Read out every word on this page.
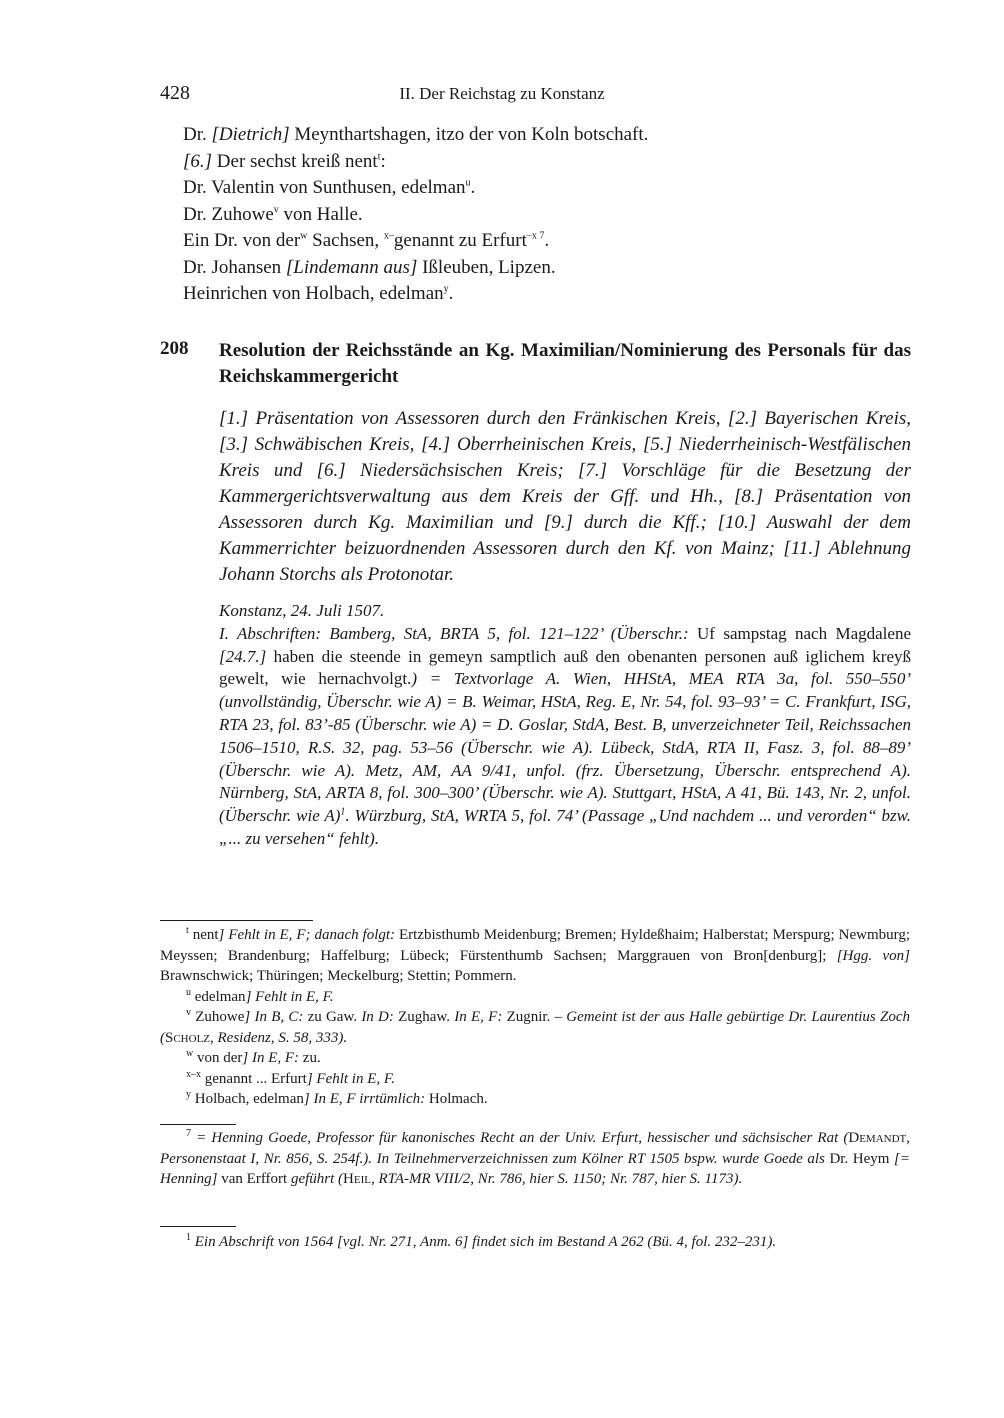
428	II. Der Reichstag zu Konstanz
Dr. [Dietrich] Meynthartshagen, itzo der von Koln botschaft.
[6.] Der sechst kreiß nent$^t$:
Dr. Valentin von Sunthusen, edelman$^u$.
Dr. Zuhowe$^v$ von Halle.
Ein Dr. von der$^w$ Sachsen, $^{x-}$genannt zu Erfurt$^{-x 7}$.
Dr. Johansen [Lindemann aus] Ißleuben, Lipzen.
Heinrichen von Holbach, edelman$^y$.
208 Resolution der Reichsstände an Kg. Maximilian/Nominierung des Personals für das Reichskammergericht
[1.] Präsentation von Assessoren durch den Fränkischen Kreis, [2.] Bayerischen Kreis, [3.] Schwäbischen Kreis, [4.] Oberrheinischen Kreis, [5.] Niederrheinisch-Westfälischen Kreis und [6.] Niedersächsischen Kreis; [7.] Vorschläge für die Besetzung der Kammergerichtsverwaltung aus dem Kreis der Gff. und Hh., [8.] Präsentation von Assessoren durch Kg. Maximilian und [9.] durch die Kff.; [10.] Auswahl der dem Kammerrichter beizuordnenden Assessoren durch den Kf. von Mainz; [11.] Ablehnung Johann Storchs als Protonotar.
Konstanz, 24. Juli 1507.
I. Abschriften: Bamberg, StA, BRTA 5, fol. 121–122’ (Überschr.: Uf sampstag nach Magdalene [24.7.] haben die steende in gemeyn samptlich auß den obenanten personen auß iglichem kreyß gewelt, wie hernachvolgt.) = Textvorlage A. Wien, HHStA, MEA RTA 3a, fol. 550–550’ (unvollständig, Überschr. wie A) = B. Weimar, HStA, Reg. E, Nr. 54, fol. 93–93’ = C. Frankfurt, ISG, RTA 23, fol. 83’-85 (Überschr. wie A) = D. Goslar, StdA, Best. B, unverzeichneter Teil, Reichssachen 1506–1510, R.S. 32, pag. 53–56 (Überschr. wie A). Lübeck, StdA, RTA II, Fasz. 3, fol. 88–89’ (Überschr. wie A). Metz, AM, AA 9/41, unfol. (frz. Übersetzung, Überschr. entsprechend A). Nürnberg, StA, ARTA 8, fol. 300–300’ (Überschr. wie A). Stuttgart, HStA, A 41, Bü. 143, Nr. 2, unfol. (Überschr. wie A)$^1$. Würzburg, StA, WRTA 5, fol. 74’ (Passage „Und nachdem ... und verorden“ bzw. „... zu versehen“ fehlt).
$^t$ nent] Fehlt in E, F; danach folgt: Ertzbisthumb Meidenburg; Bremen; Hyldeßhaim; Halberstat; Merspurg; Newmburg; Meyssen; Brandenburg; Haffelburg; Lübeck; Fürstenthumb Sachsen; Marggrauen von Bron[denburg]; [Hgg. von] Brawnschwick; Thüringen; Meckelburg; Stettin; Pommern.
$^u$ edelman] Fehlt in E, F.
$^v$ Zuhowe] In B, C: zu Gaw. In D: Zughaw. In E, F: Zugnir. – Gemeint ist der aus Halle gebürtige Dr. Laurentius Zoch (Scholz, Residenz, S. 58, 333).
$^w$ von der] In E, F: zu.
$^{x-x}$ genannt ... Erfurt] Fehlt in E, F.
$^y$ Holbach, edelman] In E, F irrtümlich: Holmach.
$^7$ = Henning Goede, Professor für kanonisches Recht an der Univ. Erfurt, hessischer und sächsischer Rat (Demandt, Personenstaat I, Nr. 856, S. 254f.). In Teilnehmerverzeichnissen zum Kölner RT 1505 bspw. wurde Goede als Dr. Heym [= Henning] van Erffort geführt (Heil, RTA-MR VIII/2, Nr. 786, hier S. 1150; Nr. 787, hier S. 1173).
$^1$ Ein Abschrift von 1564 [vgl. Nr. 271, Anm. 6] findet sich im Bestand A 262 (Bü. 4, fol. 232–231).
